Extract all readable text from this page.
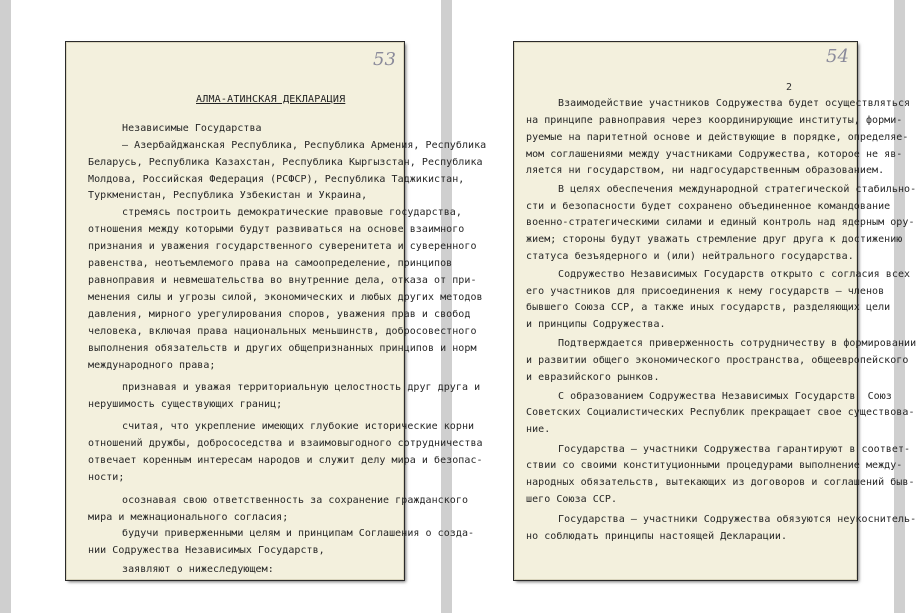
53
АЛМА-АТИНСКАЯ ДЕКЛАРАЦИЯ
Независимые Государства
– Азербайджанская Республика, Республика Армения, Республика
Беларусь, Республика Казахстан, Республика Кыргызстан, Республика
Молдова, Российская Федерация (РСФСР), Республика Таджикистан,
Туркменистан, Республика Узбекистан и Украина,
стремясь построить демократические правовые государства,
отношения между которыми будут развиваться на основе взаимного
признания и уважения государственного суверенитета и суверенного
равенства, неотъемлемого права на самоопределение, принципов
равноправия и невмешательства во внутренние дела, отказа от при-
менения силы и угрозы силой, экономических и любых других методов
давления, мирного урегулирования споров, уважения прав и свобод
человека, включая права национальных меньшинств, добросовестного
выполнения обязательств и других общепризнанных принципов и норм
международного права;
признавая и уважая территориальную целостность друг друга и
нерушимость существующих границ;
считая, что укрепление имеющих глубокие исторические корни
отношений дружбы, добрососедства и взаимовыгодного сотрудничества
отвечает коренным интересам народов и служит делу мира и безопас-
ности;
осознавая свою ответственность за сохранение гражданского
мира и межнационального согласия;
будучи приверженными целям и принципам Соглашения о созда-
нии Содружества Независимых Государств,
заявляют о нижеследующем:
54
2
Взаимодействие участников Содружества будет осуществляться
на принципе равноправия через координирующие институты, форми-
руемые на паритетной основе и действующие в порядке, определяе-
мом соглашениями между участниками Содружества, которое не яв-
ляется ни государством, ни надгосударственным образованием.
В целях обеспечения международной стратегической стабильно-
сти и безопасности будет сохранено объединенное командование
военно-стратегическими силами и единый контроль над ядерным ору-
жием; стороны будут уважать стремление друг друга к достижению
статуса безъядерного и (или) нейтрального государства.
Содружество Независимых Государств открыто с согласия всех
его участников для присоединения к нему государств – членов
бывшего Союза ССР, а также иных государств, разделяющих цели
и принципы Содружества.
Подтверждается приверженность сотрудничеству в формировании
и развитии общего экономического пространства, общеевропейского
и евразийского рынков.
С образованием Содружества Независимых Государств  Союз
Советских Социалистических Республик прекращает свое существова-
ние.
Государства – участники Содружества гарантируют в соответ-
ствии со своими конституционными процедурами выполнение между-
народных обязательств, вытекающих из договоров и соглашений быв-
шего Союза ССР.
Государства – участники Содружества обязуются неукоснитель-
но соблюдать принципы настоящей Декларации.
